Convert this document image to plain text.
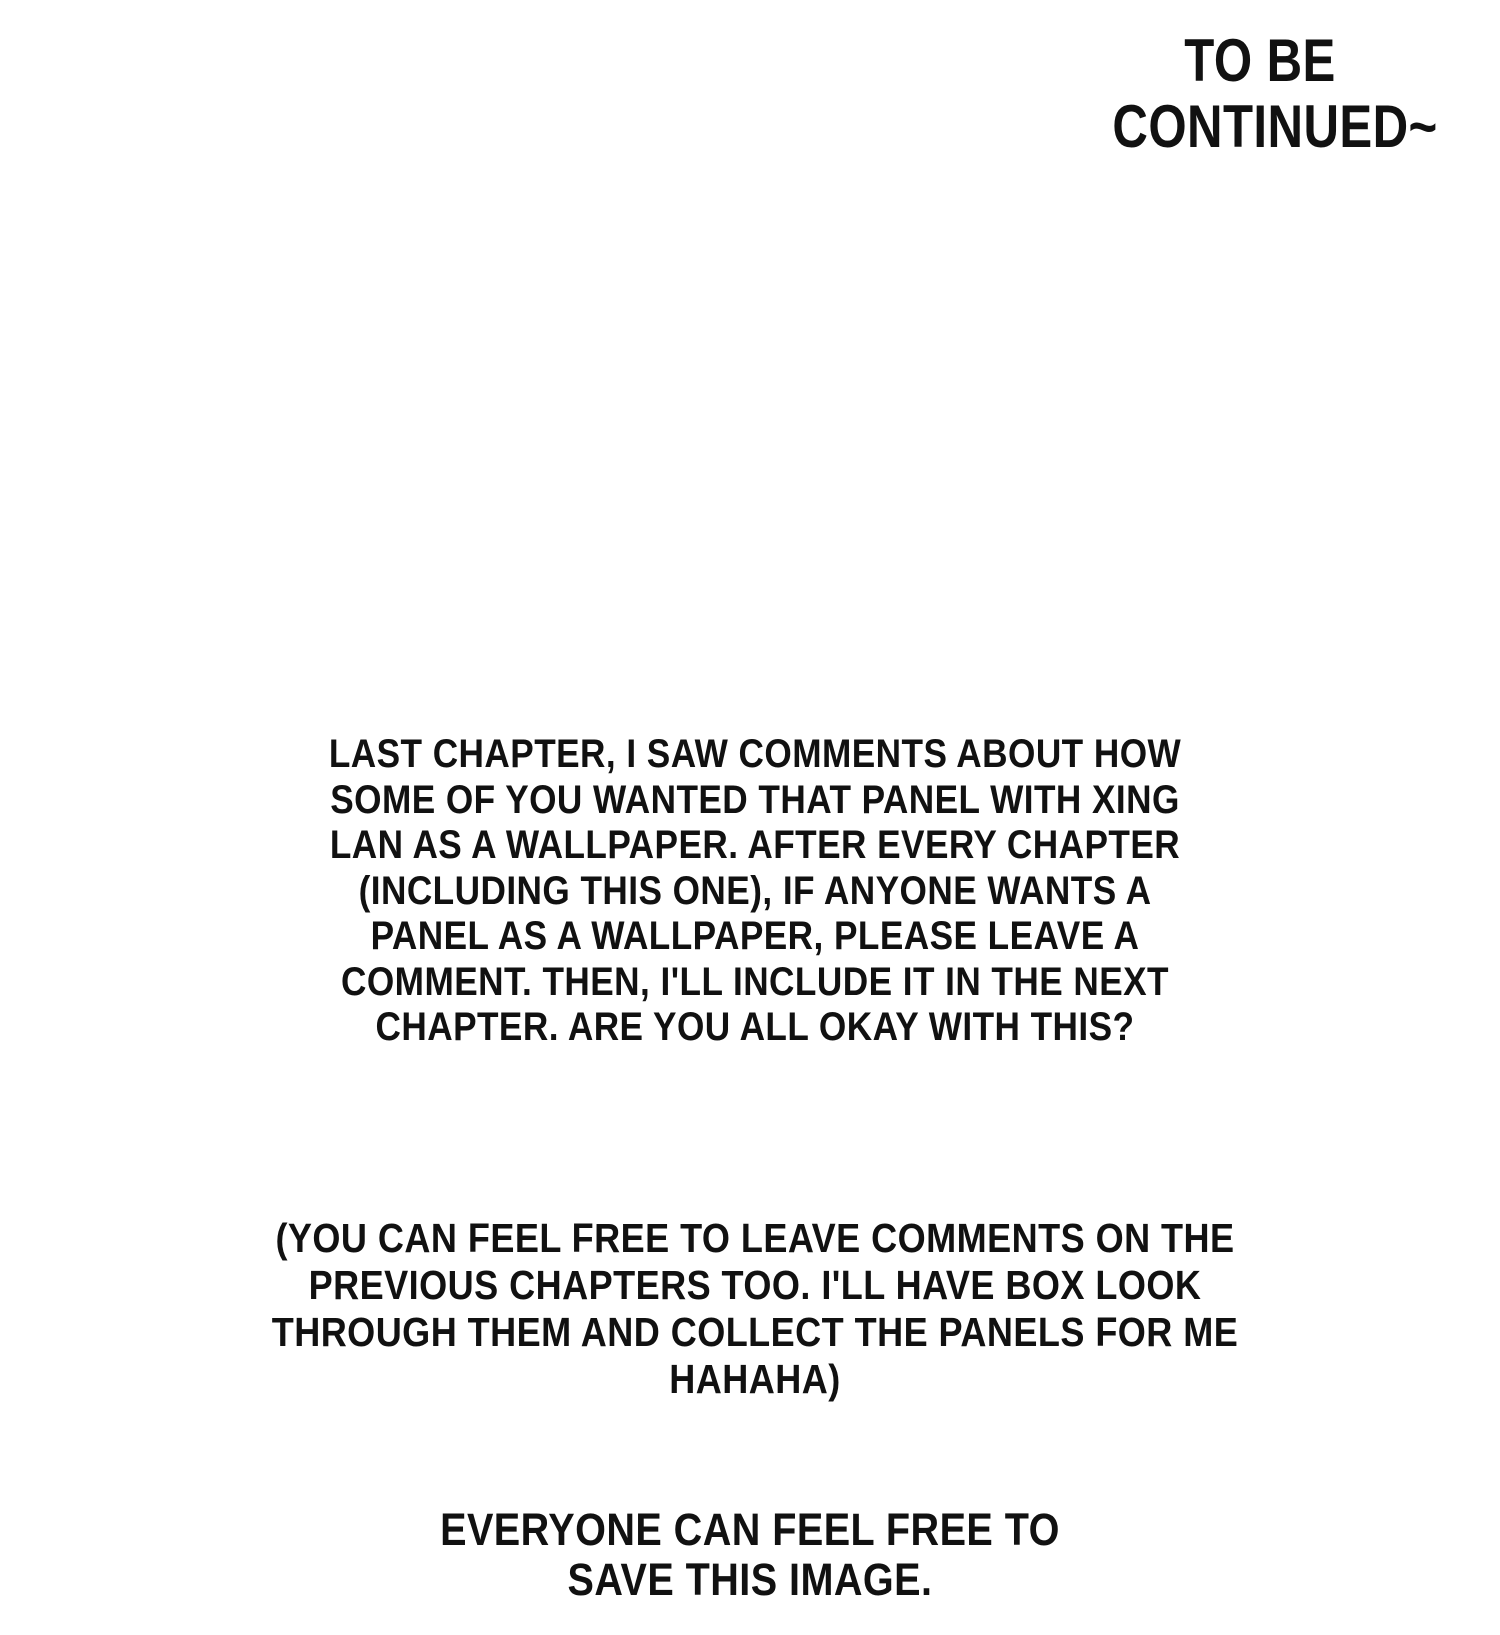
TO BE
CONTINUED~
LAST CHAPTER, I SAW COMMENTS ABOUT HOW
SOME OF YOU WANTED THAT PANEL WITH XING
LAN AS A WALLPAPER. AFTER EVERY CHAPTER
(INCLUDING THIS ONE), IF ANYONE WANTS A
PANEL AS A WALLPAPER, PLEASE LEAVE A
COMMENT. THEN, I'LL INCLUDE IT IN THE NEXT
CHAPTER. ARE YOU ALL OKAY WITH THIS?
(YOU CAN FEEL FREE TO LEAVE COMMENTS ON THE
PREVIOUS CHAPTERS TOO. I'LL HAVE BOX LOOK
THROUGH THEM AND COLLECT THE PANELS FOR ME
HAHAHA)
EVERYONE CAN FEEL FREE TO
SAVE THIS IMAGE.
